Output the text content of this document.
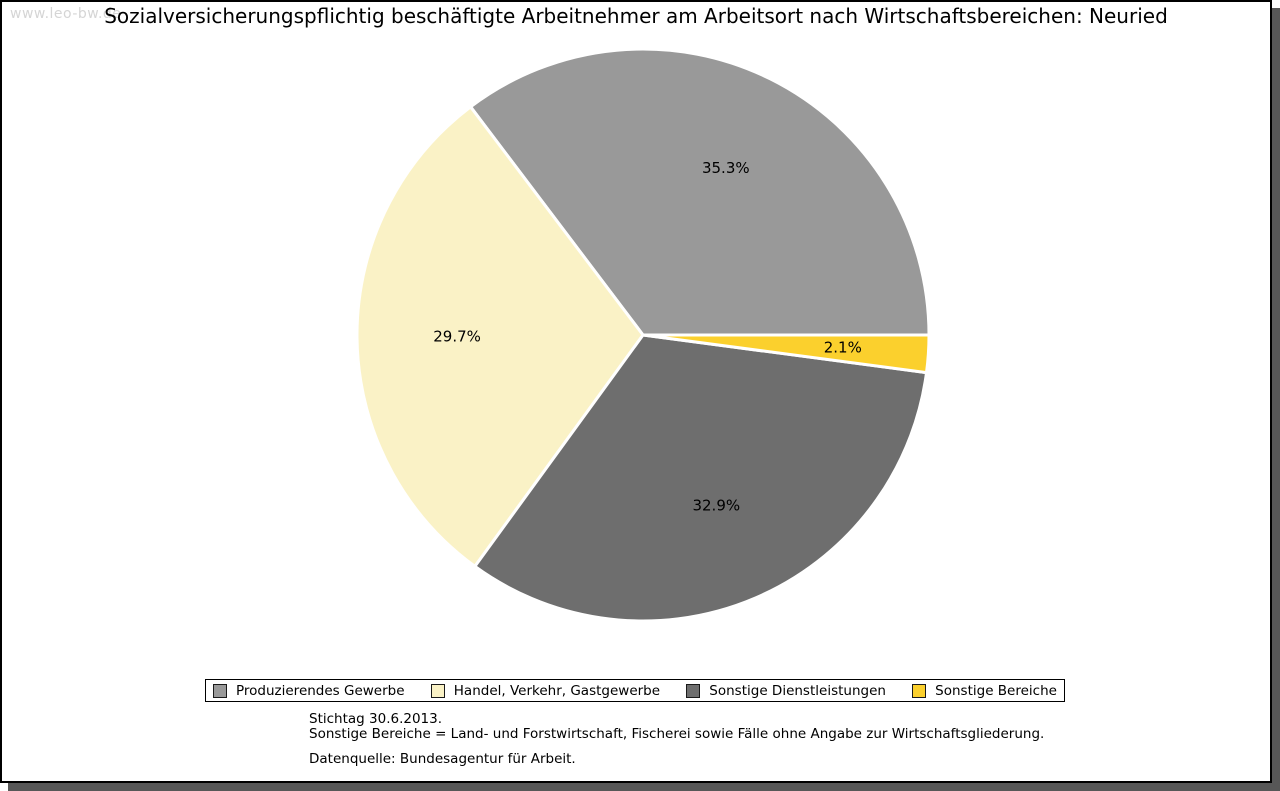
www.leo-bw.de
Sozialversicherungspflichtig beschäftigte Arbeitnehmer am Arbeitsort nach Wirtschaftsbereichen: Neuried
35.3%
29.7%
32.9%
2.1%
Produzierendes Gewerbe	Handel, Verkehr, Gastgewerbe	Sonstige Dienstleistungen	Sonstige Bereiche
Stichtag 30.6.2013.
Sonstige Bereiche = Land- und Forstwirtschaft, Fischerei sowie Fälle ohne Angabe zur Wirtschaftsgliederung.
Datenquelle: Bundesagentur für Arbeit.
